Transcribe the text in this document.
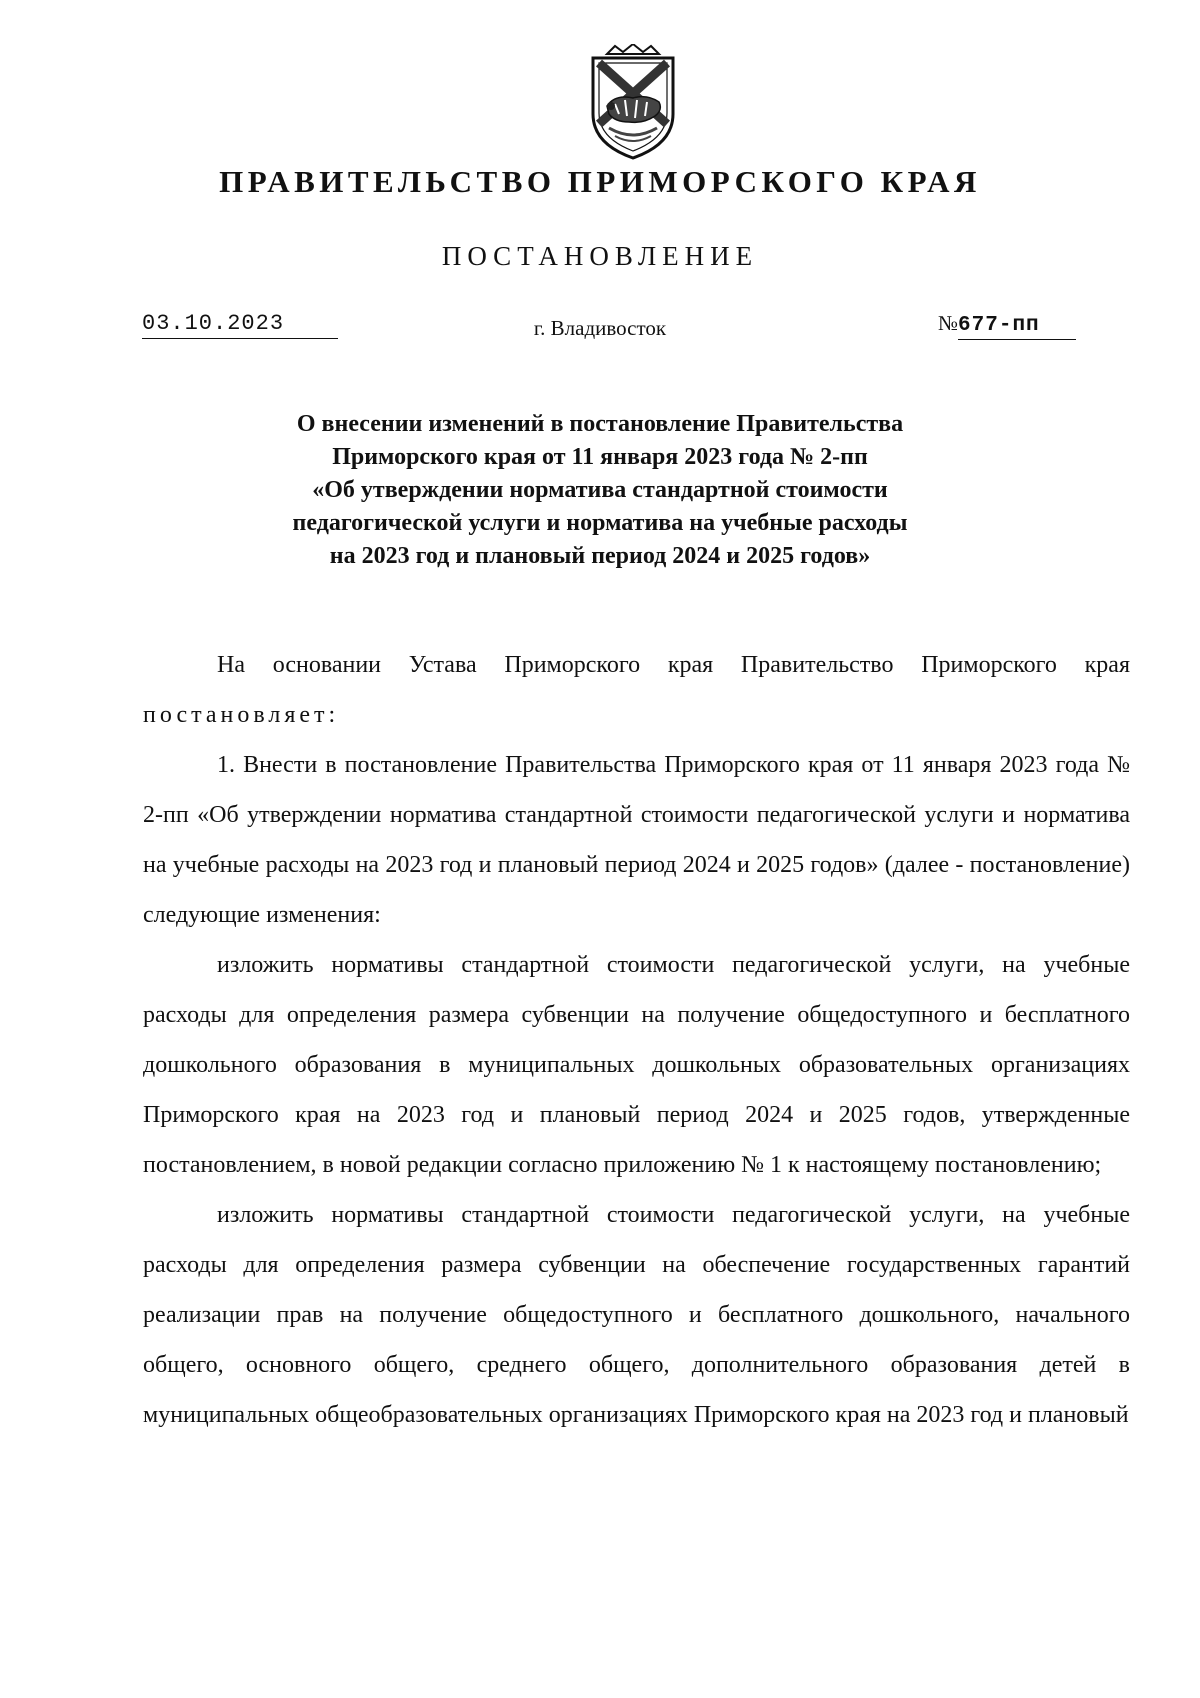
ПРАВИТЕЛЬСТВО ПРИМОРСКОГО КРАЯ
ПОСТАНОВЛЕНИЕ
03.10.2023	г. Владивосток	№677-пп
О внесении изменений в постановление Правительства
Приморского края от 11 января 2023 года № 2-пп
«Об утверждении норматива стандартной стоимости
педагогической услуги и норматива на учебные расходы
на 2023 год и плановый период 2024 и 2025 годов»

На основании Устава Приморского края Правительство Приморского края постановляет:

1. Внести в постановление Правительства Приморского края от 11 января 2023 года № 2-пп «Об утверждении норматива стандартной стоимости педагогической услуги и норматива на учебные расходы на 2023 год и плановый период 2024 и 2025 годов» (далее - постановление) следующие изменения:

изложить нормативы стандартной стоимости педагогической услуги, на учебные расходы для определения размера субвенции на получение общедоступного и бесплатного дошкольного образования в муниципальных дошкольных образовательных организациях Приморского края на 2023 год и плановый период 2024 и 2025 годов, утвержденные постановлением, в новой редакции согласно приложению № 1 к настоящему постановлению;

изложить нормативы стандартной стоимости педагогической услуги, на учебные расходы для определения размера субвенции на обеспечение государственных гарантий реализации прав на получение общедоступного и бесплатного дошкольного, начального общего, основного общего, среднего общего, дополнительного образования детей в муниципальных общеобразовательных организациях Приморского края на 2023 год и плановый
